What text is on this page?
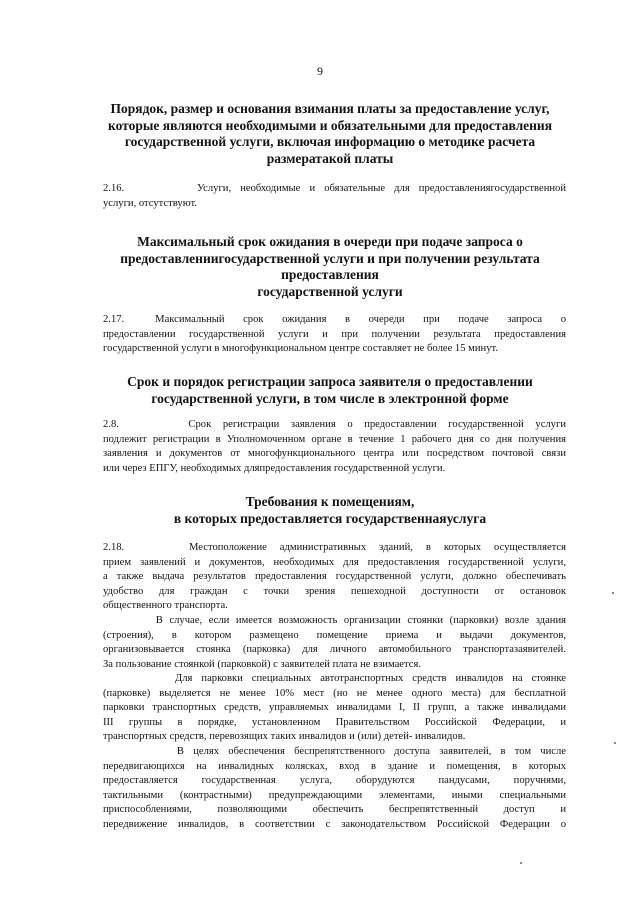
9
Порядок, размер и основания взимания платы за предоставление услуг,
которые являются необходимыми и обязательными для предоставления
государственной услуги, включая информацию о методике расчета
размератакой платы
2.16.        Услуги, необходимые и обязательные для предоставлениягосударственной
услуги, отсутствуют.
Максимальный срок ожидания в очереди при подаче запроса о
предоставлениигосударственной услуги и при получении результата
предоставления
государственной услуги
2.17.     Максимальный   срок   ожидания   в   очереди   при   подаче   запроса   о
предоставлении государственной услуги и при получении результата предоставления
государственной услуги в многофункциональном центре составляет не более 15 минут.
Срок и порядок регистрации запроса заявителя о предоставлении
государственной услуги, в том числе в электронной форме
2.8.      Срок регистрации заявления о предоставлении государственной услуги
подлежит регистрации в Уполномоченном органе в течение 1 рабочего дня со дня получения
заявления и документов от многофункционального центра или посредством почтовой связи
или через ЕПГУ, необходимых дляпредоставления государственной услуги.
Требования к помещениям,
в которых предоставляется государственнаяуслуга
2.18.     Местоположение административных зданий, в которых осуществляется
прием заявлений и документов, необходимых для предоставления государственной услуги,
а также выдача результатов предоставления государственной услуги, должно обеспечивать
удобство для граждан с точки зрения пешеходной доступности от остановок
общественного транспорта.
В случае, если имеется возможность организации стоянки (парковки) возле здания
(строения), в котором размещено помещение приема и выдачи документов,
организовывается стоянка (парковка) для личного автомобильного транспортазаявителей.
За пользование стоянкой (парковкой) с заявителей плата не взимается.
Для парковки специальных автотранспортных средств инвалидов на стоянке
(парковке) выделяется не менее 10% мест (но не менее одного места) для бесплатной
парковки транспортных средств, управляемых инвалидами I, II групп, а также инвалидами
III группы в порядке, установленном Правительством Российской Федерации, и
транспортных средств, перевозящих таких инвалидов и (или) детей- инвалидов.
В целях обеспечения беспрепятственного доступа заявителей, в том числе
передвигающихся на инвалидных колясках, вход в здание и помещения, в которых
предоставляется государственная услуга, оборудуются пандусами, поручнями,
тактильными (контрастными) предупреждающими элементами, иными специальными
приспособлениями, позволяющими обеспечить беспрепятственный доступ и
передвижение инвалидов, в соответствии с законодательством Российской Федерации о
